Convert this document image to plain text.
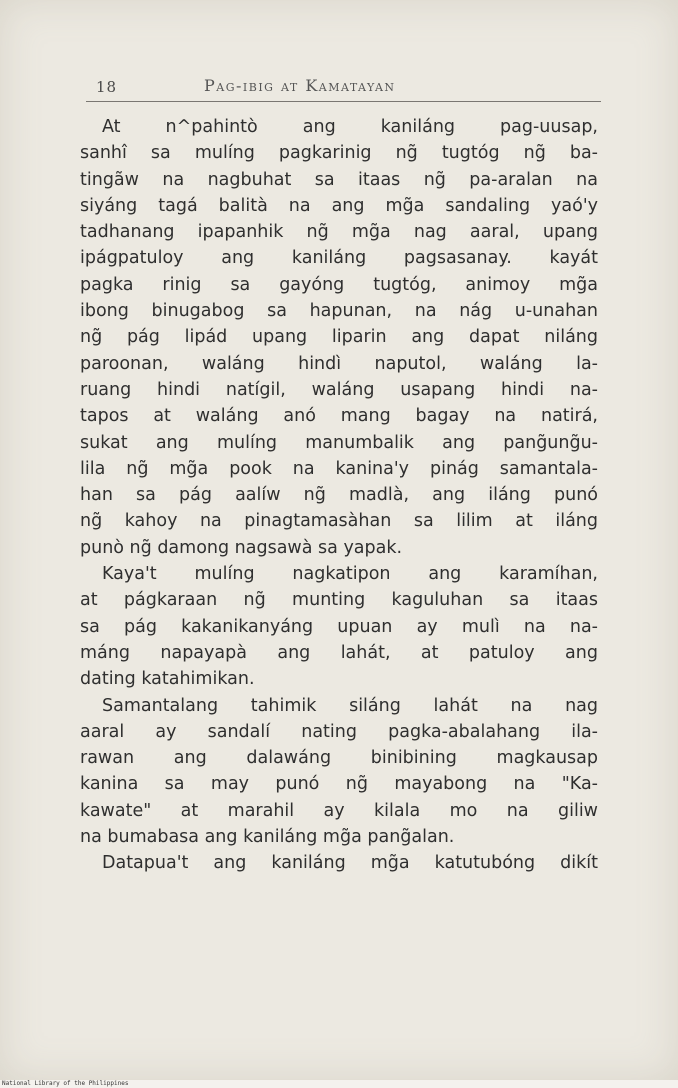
18	Pag-ibig at Kamatayan
At n^pahintò ang kaniláng pag-uusap,
sanhî sa mulíng pagkarinig ng̃ tugtóg ng̃ ba-
tingãw na nagbuhat sa itaas ng̃ pa-aralan na
siyáng tagá balità na ang mg̃a sandaling yaó'y
tadhanang ipapanhik ng̃ mg̃a nag aaral, upang
ipágpatuloy ang kaniláng pagsasanay. kayát
pagka rinig sa gayóng tugtóg, animoy mg̃a
ibong binugabog sa hapunan, na nág u-unahan
ng̃ pág lipád upang liparin ang dapat niláng
paroonan, waláng hindì naputol, waláng la-
ruang hindi natígil, waláng usapang hindi na-
tapos at waláng anó mang bagay na natirá,
sukat ang mulíng manumbalik ang pang̃ung̃u-
lila ng̃ mg̃a pook na kanina'y pinág samantala-
han sa pág aalíw ng̃ madlà, ang iláng punó
ng̃ kahoy na pinagtamasàhan sa lilim at iláng
punò ng̃ damong nagsawà sa yapak.
Kaya't mulíng nagkatipon ang karamíhan,
at págkaraan ng̃ munting kaguluhan sa itaas
sa pág kakanikanyáng upuan ay mulì na na-
máng napayapà ang lahát, at patuloy ang
dating katahimikan.
Samantalang tahimik siláng lahát na nag
aaral ay sandalí nating pagka-abalahang ila-
rawan ang dalawáng binibining magkausap
kanina sa may punó ng̃ mayabong na "Ka-
kawate" at marahil ay kilala mo na giliw
na bumabasa ang kaniláng mg̃a pang̃alan.
Datapua't ang kaniláng mg̃a katutubóng dikít
National Library of the Philippines
